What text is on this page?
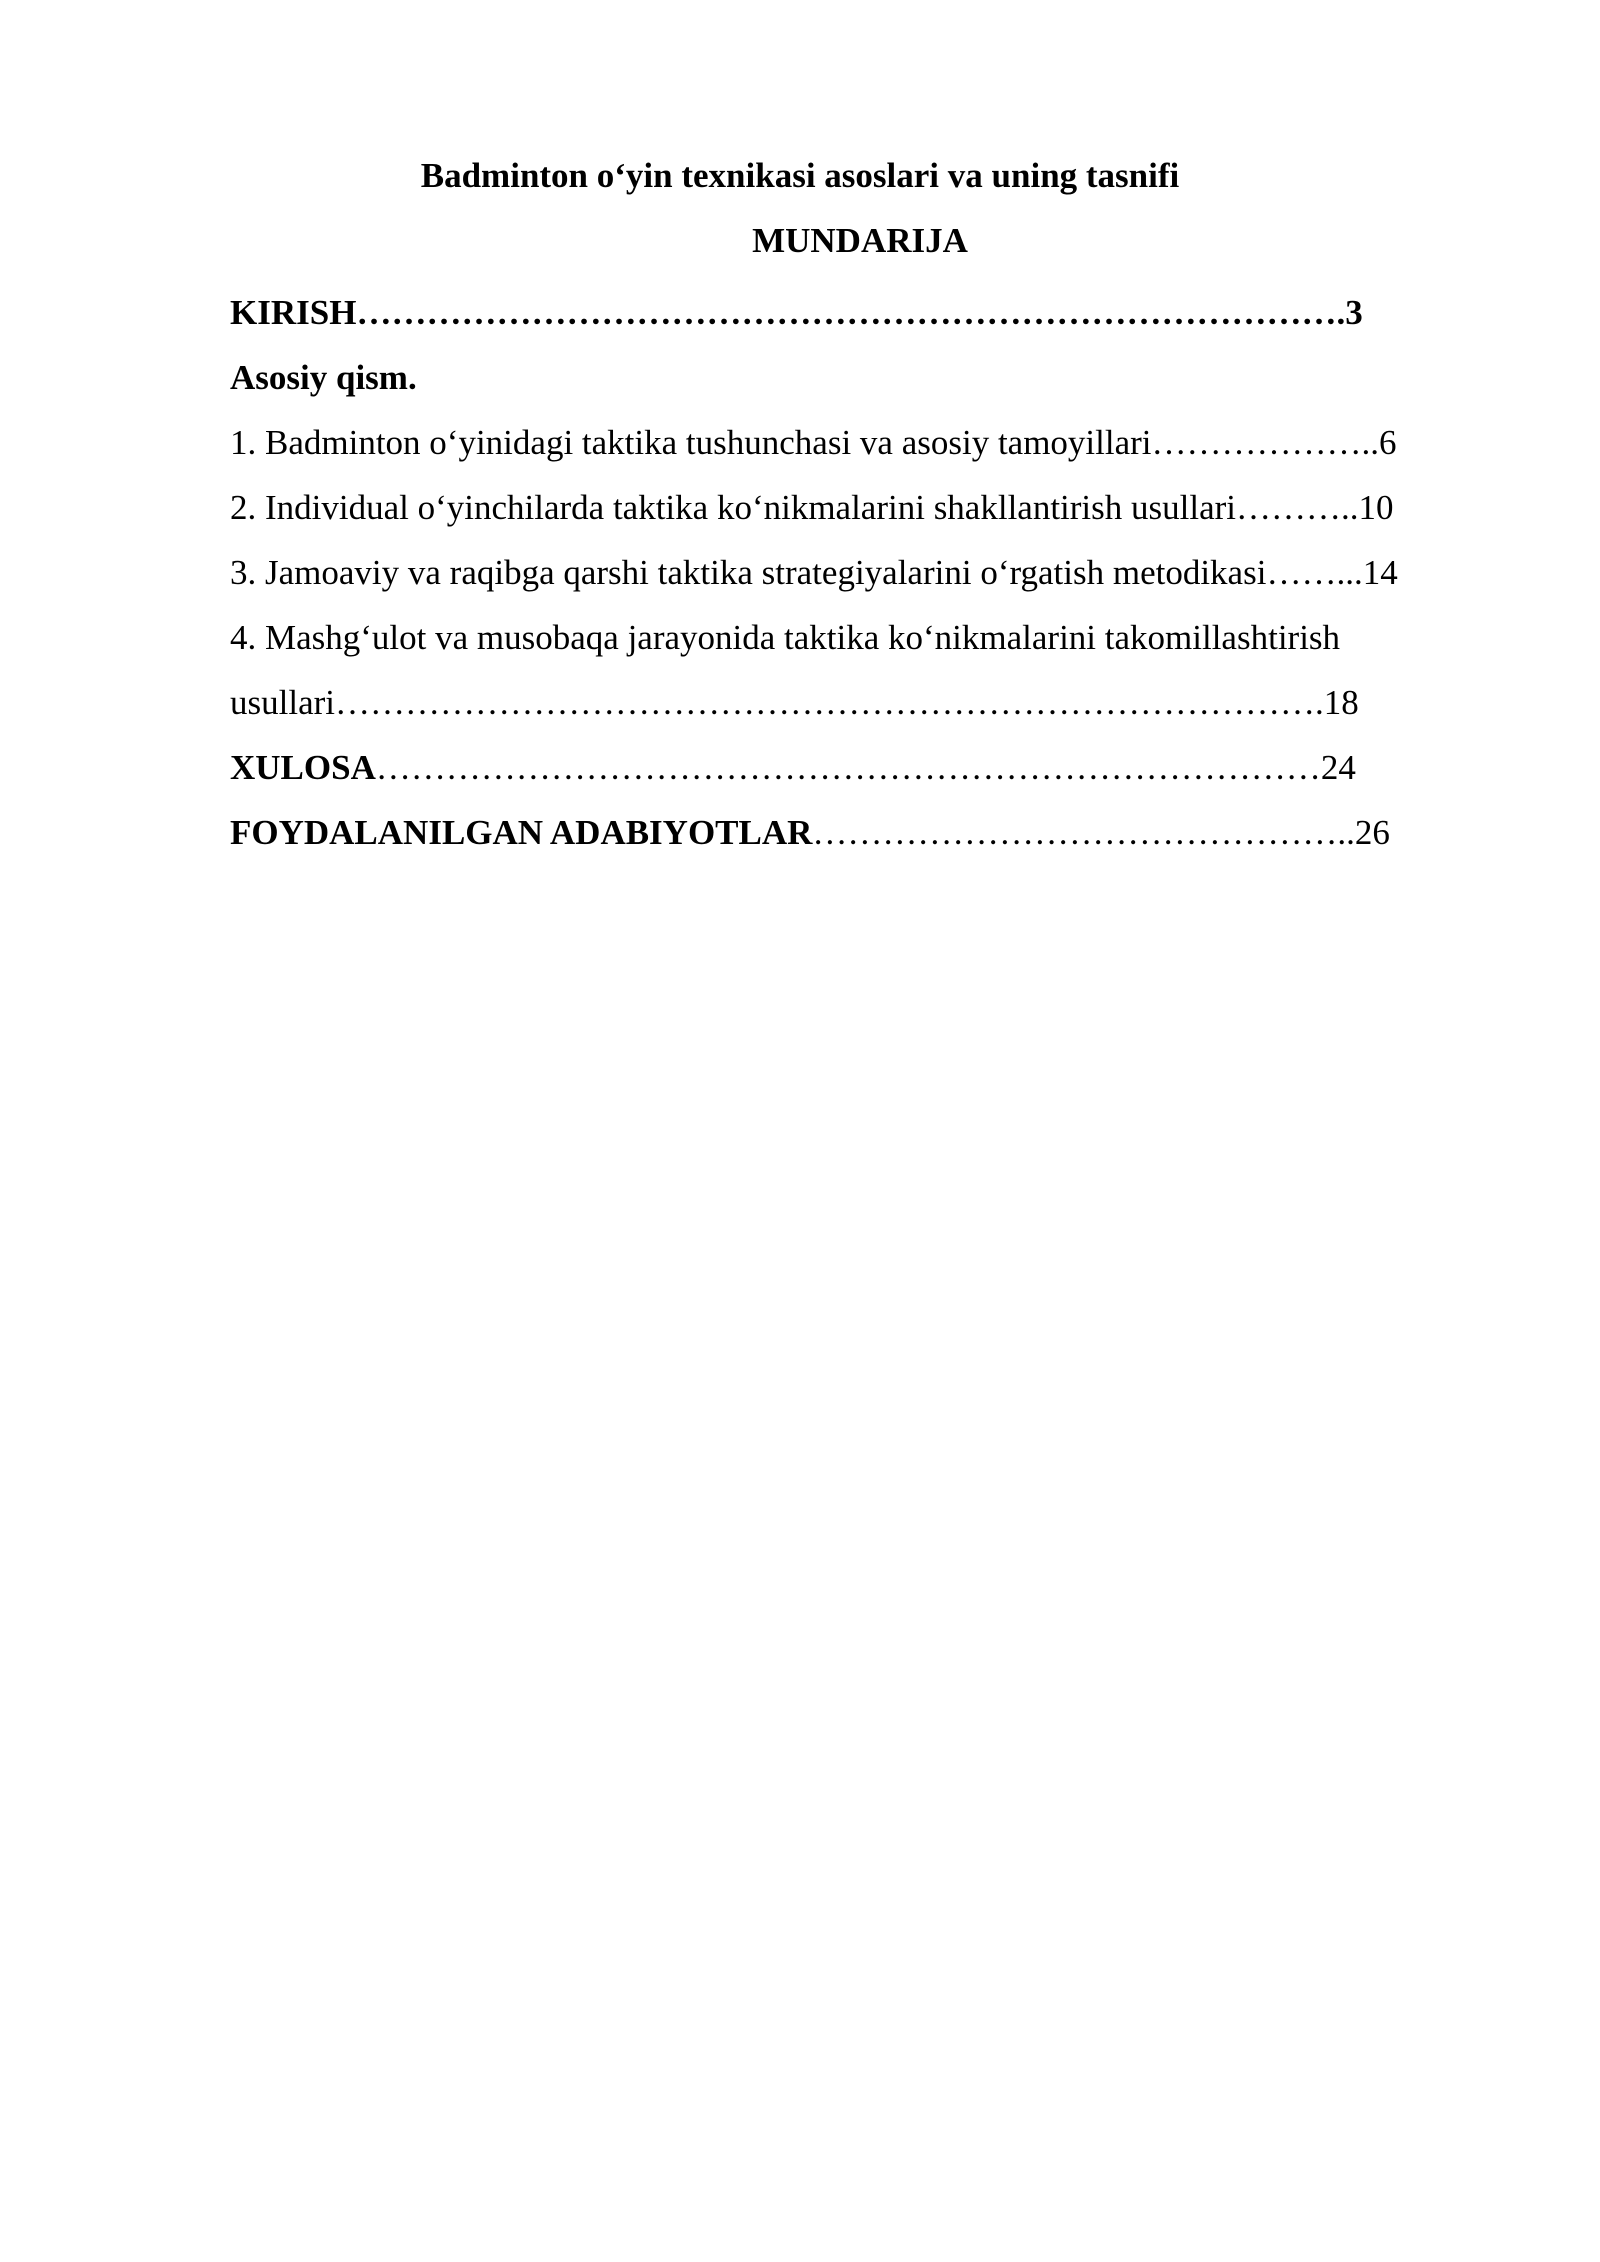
Badminton o‘yin texnikasi asoslari va uning tasnifi
MUNDARIJA
KIRISH………………………………………………………………………….3
Asosiy qism.
1. Badminton o‘yinidagi taktika tushunchasi va asosiy tamoyillari………………..6
2. Individual o‘yinchilarda taktika ko‘nikmalarini shakllantirish usullari………..10
3. Jamoaviy va raqibga qarshi taktika strategiyalarini o‘rgatish metodikasi……...14
4. Mashg‘ulot va musobaqa jarayonida taktika ko‘nikmalarini takomillashtirish
usullari………………………………………………………………………….18
XULOSA………………………………………………………………………24
FOYDALANILGAN ADABIYOTLAR………………………………………..26
